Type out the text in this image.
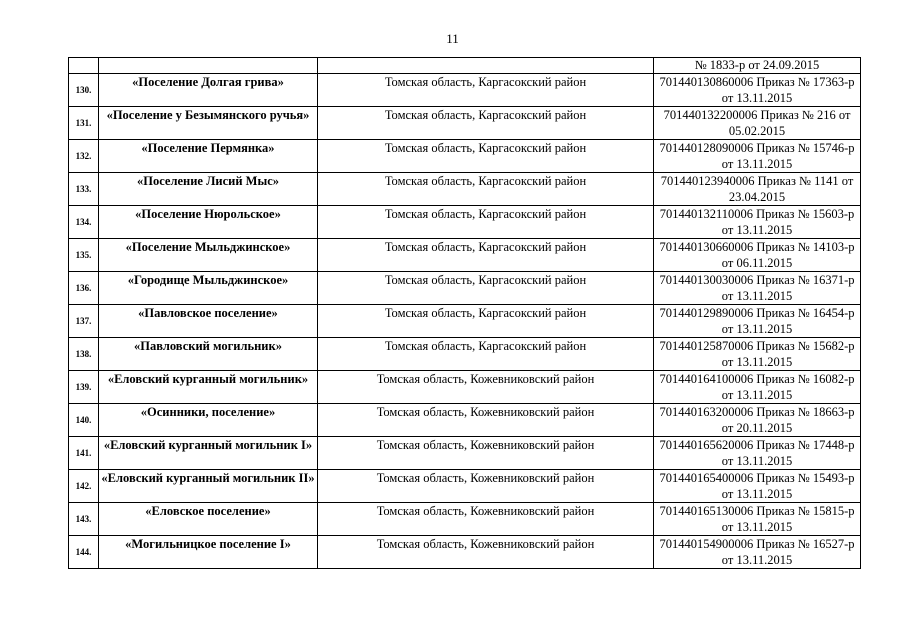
11
			№ 1833-р от 24.09.2015
130.	«Поселение Долгая грива»	Томская область, Каргасокский район	701440130860006 Приказ № 17363-р от 13.11.2015
131.	«Поселение у Безымянского ручья»	Томская область, Каргасокский район	701440132200006 Приказ № 216 от 05.02.2015
132.	«Поселение Пермянка»	Томская область, Каргасокский район	701440128090006 Приказ № 15746-р от 13.11.2015
133.	«Поселение Лисий Мыс»	Томская область, Каргасокский район	701440123940006 Приказ № 1141 от 23.04.2015
134.	«Поселение Нюрольское»	Томская область, Каргасокский район	701440132110006 Приказ № 15603-р от 13.11.2015
135.	«Поселение Мыльджинское»	Томская область, Каргасокский район	701440130660006 Приказ № 14103-р от 06.11.2015
136.	«Городище Мыльджинское»	Томская область, Каргасокский район	701440130030006 Приказ № 16371-р от 13.11.2015
137.	«Павловское поселение»	Томская область, Каргасокский район	701440129890006 Приказ № 16454-р от 13.11.2015
138.	«Павловский могильник»	Томская область, Каргасокский район	701440125870006 Приказ № 15682-р от 13.11.2015
139.	«Еловский курганный могильник»	Томская область, Кожевниковский район	701440164100006 Приказ № 16082-р от 13.11.2015
140.	«Осинники, поселение»	Томская область, Кожевниковский район	701440163200006 Приказ № 18663-р от 20.11.2015
141.	«Еловский курганный могильник I»	Томская область, Кожевниковский район	701440165620006 Приказ № 17448-р от 13.11.2015
142.	«Еловский курганный могильник II»	Томская область, Кожевниковский район	701440165400006 Приказ № 15493-р от 13.11.2015
143.	«Еловское поселение»	Томская область, Кожевниковский район	701440165130006 Приказ № 15815-р от 13.11.2015
144.	«Могильницкое поселение I»	Томская область, Кожевниковский район	701440154900006 Приказ № 16527-р от 13.11.2015
